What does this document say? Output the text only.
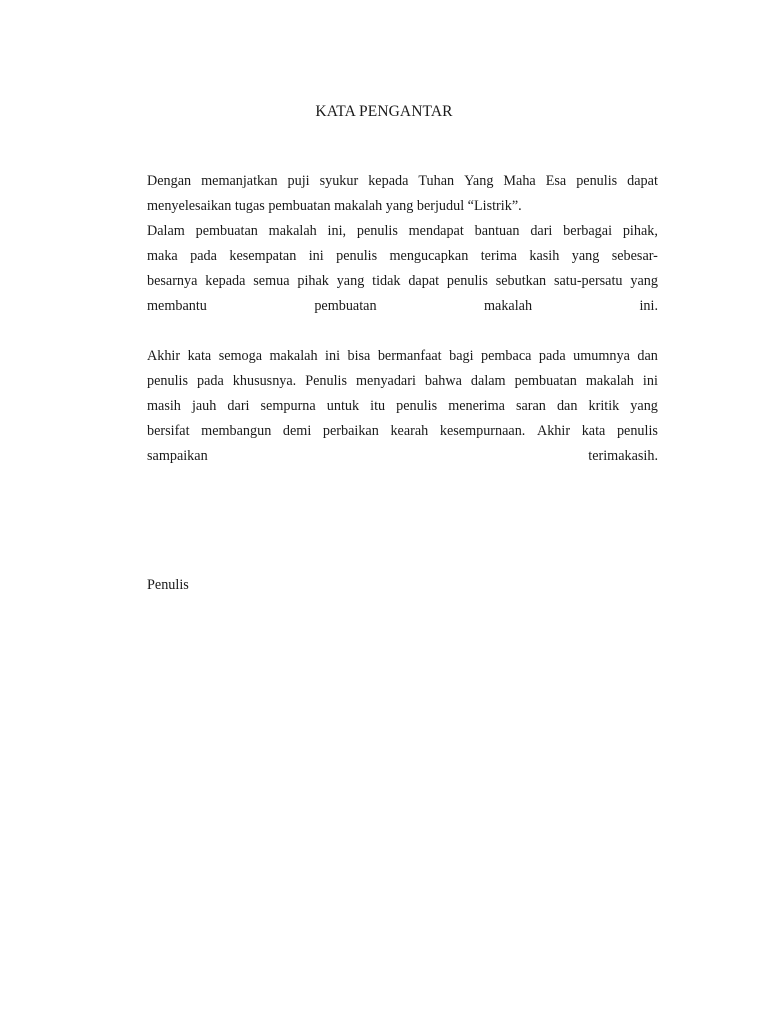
KATA PENGANTAR
Dengan memanjatkan puji syukur kepada Tuhan Yang Maha Esa penulis dapat
menyelesaikan tugas pembuatan makalah yang berjudul “Listrik”.
Dalam pembuatan makalah ini, penulis mendapat bantuan dari berbagai pihak,
maka pada kesempatan ini penulis mengucapkan terima kasih yang sebesar-
besarnya kepada semua pihak yang tidak dapat penulis sebutkan satu-persatu yang
membantu	pembuatan	makalah	ini.
Akhir kata semoga makalah ini bisa bermanfaat bagi pembaca pada umumnya dan
penulis pada khususnya. Penulis menyadari bahwa dalam pembuatan makalah ini
masih jauh dari sempurna untuk itu penulis menerima saran dan kritik yang
bersifat membangun demi perbaikan kearah kesempurnaan. Akhir kata penulis
sampaikan	terimakasih.
Penulis
